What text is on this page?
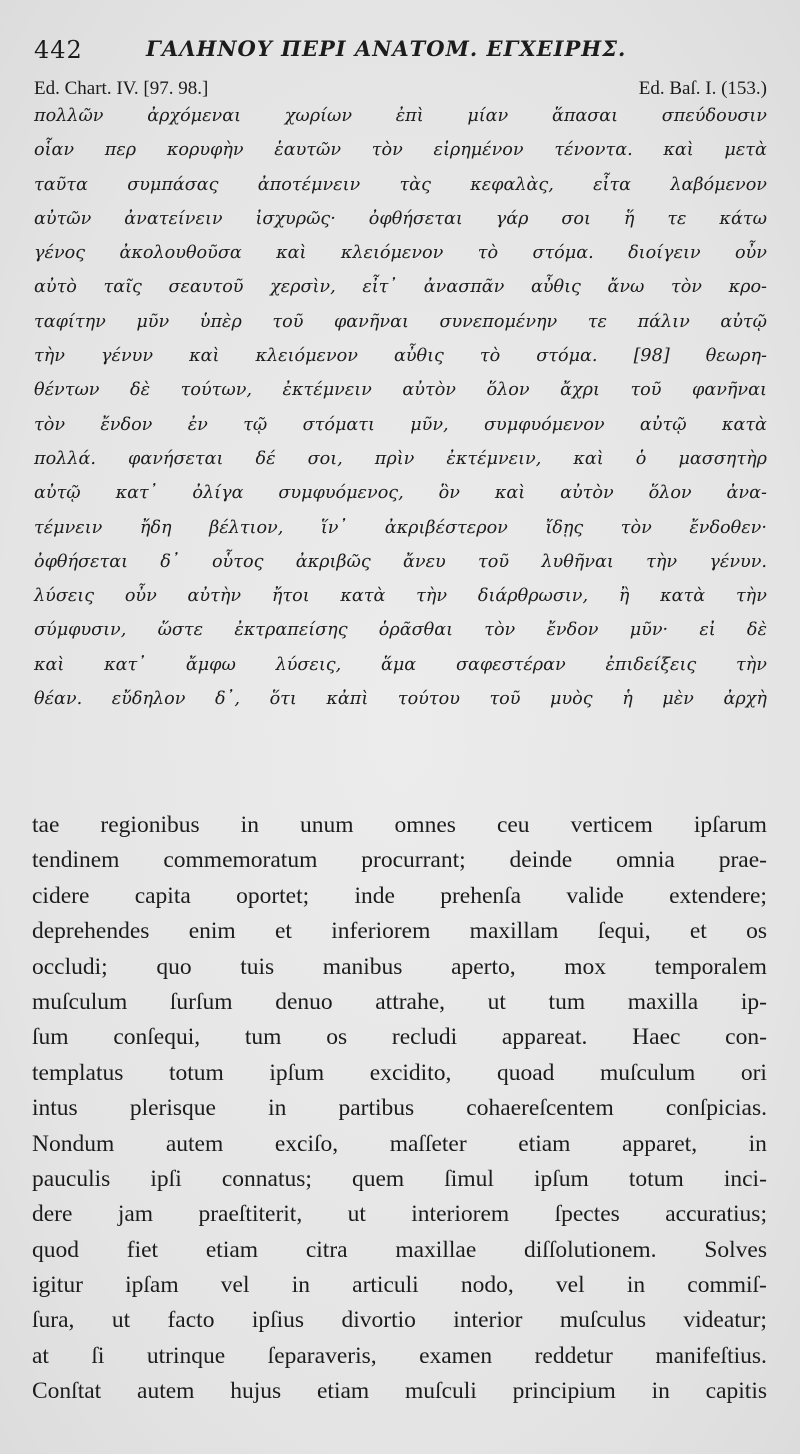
442	ΓΑΛΗΝΟΥ ΠΕΡΙ ΑΝΑΤΟΜ. ΕΓΧΕΙΡΗΣ.
Ed. Chart. IV. [97. 98.]	Ed. Baſ. I. (153.)
πολλῶν ἀρχόμεναι χωρίων ἐπὶ μίαν ἅπασαι σπεύδουσιν
οἷαν περ κορυφὴν ἑαυτῶν τὸν εἰρημένον τένοντα. καὶ μετὰ
ταῦτα συμπάσας ἀποτέμνειν τὰς κεφαλὰς, εἶτα λαβόμενον
αὐτῶν ἀνατείνειν ἰσχυρῶς· ὀφθήσεται γάρ σοι ἥ τε κάτω
γένος ἀκολουθοῦσα καὶ κλειόμενον τὸ στόμα. διοίγειν οὖν
αὐτὸ ταῖς σεαυτοῦ χερσὶν, εἶτ᾽ ἀνασπᾶν αὖθις ἄνω τὸν κρο-
ταφίτην μῦν ὑπὲρ τοῦ φανῆναι συνεπομένην τε πάλιν αὐτῷ
τὴν γένυν καὶ κλειόμενον αὖθις τὸ στόμα. [98] θεωρη-
θέντων δὲ τούτων, ἐκτέμνειν αὐτὸν ὅλον ἄχρι τοῦ φανῆναι
τὸν ἔνδον ἐν τῷ στόματι μῦν, συμφυόμενον αὐτῷ κατὰ
πολλά. φανήσεται δέ σοι, πρὶν ἐκτέμνειν, καὶ ὁ μασσητὴρ
αὐτῷ κατ᾽ ὀλίγα συμφυόμενος, ὃν καὶ αὐτὸν ὅλον ἀνα-
τέμνειν ἤδη βέλτιον, ἵν᾽ ἀκριβέστερον ἴδῃς τὸν ἔνδοθεν·
ὀφθήσεται δ᾽ οὗτος ἀκριβῶς ἄνευ τοῦ λυθῆναι τὴν γένυν.
λύσεις οὖν αὐτὴν ἤτοι κατὰ τὴν διάρθρωσιν, ἢ κατὰ τὴν
σύμφυσιν, ὥστε ἐκτραπείσης ὁρᾶσθαι τὸν ἔνδον μῦν· εἰ δὲ
καὶ κατ᾽ ἄμφω λύσεις, ἅμα σαφεστέραν ἐπιδείξεις τὴν
θέαν. εὔδηλον δ᾽, ὅτι κἀπὶ τούτου τοῦ μυὸς ἡ μὲν ἀρχὴ
tae regionibus in unum omnes ceu verticem ipſarum
tendinem commemoratum procurrant; deinde omnia prae-
cidere capita oportet; inde prehenſa valide extendere;
deprehendes enim et inferiorem maxillam ſequi, et os
occludi; quo tuis manibus aperto, mox temporalem
muſculum ſurſum denuo attrahe, ut tum maxilla ip-
ſum conſequi, tum os recludi appareat. Haec con-
templatus totum ipſum excidito, quoad muſculum ori
intus plerisque in partibus cohaereſcentem conſpicias.
Nondum autem exciſo, maſſeter etiam apparet, in
pauculis ipſi connatus; quem ſimul ipſum totum inci-
dere jam praeſtiterit, ut interiorem ſpectes accuratius;
quod fiet etiam citra maxillae diſſolutionem. Solves
igitur ipſam vel in articuli nodo, vel in commiſ-
ſura, ut facto ipſius divortio interior muſculus videatur;
at ſi utrinque ſeparaveris, examen reddetur manifeſtius.
Conſtat autem hujus etiam muſculi principium in capitis
